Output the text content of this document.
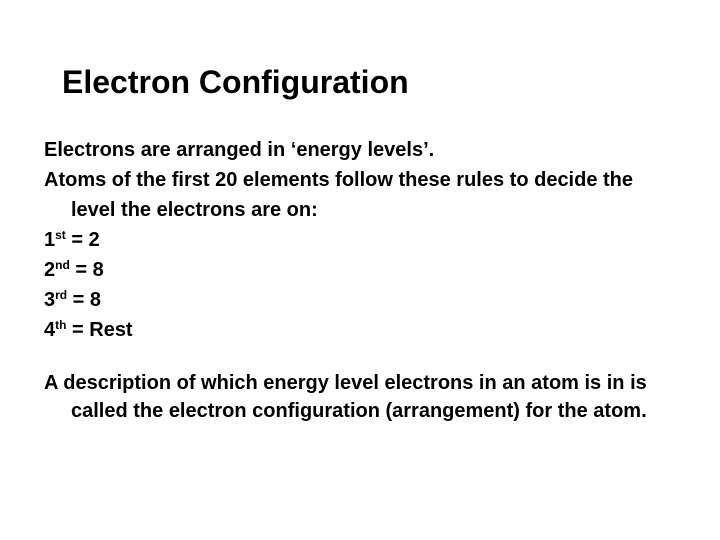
Electron Configuration

Electrons are arranged in ‘energy levels’.

Atoms of the first 20 elements follow these rules to decide the level the electrons are on:

1st = 2

2nd = 8

3rd = 8

4th = Rest

A description of which energy level electrons in an atom is in is called the electron configuration (arrangement) for the atom.
